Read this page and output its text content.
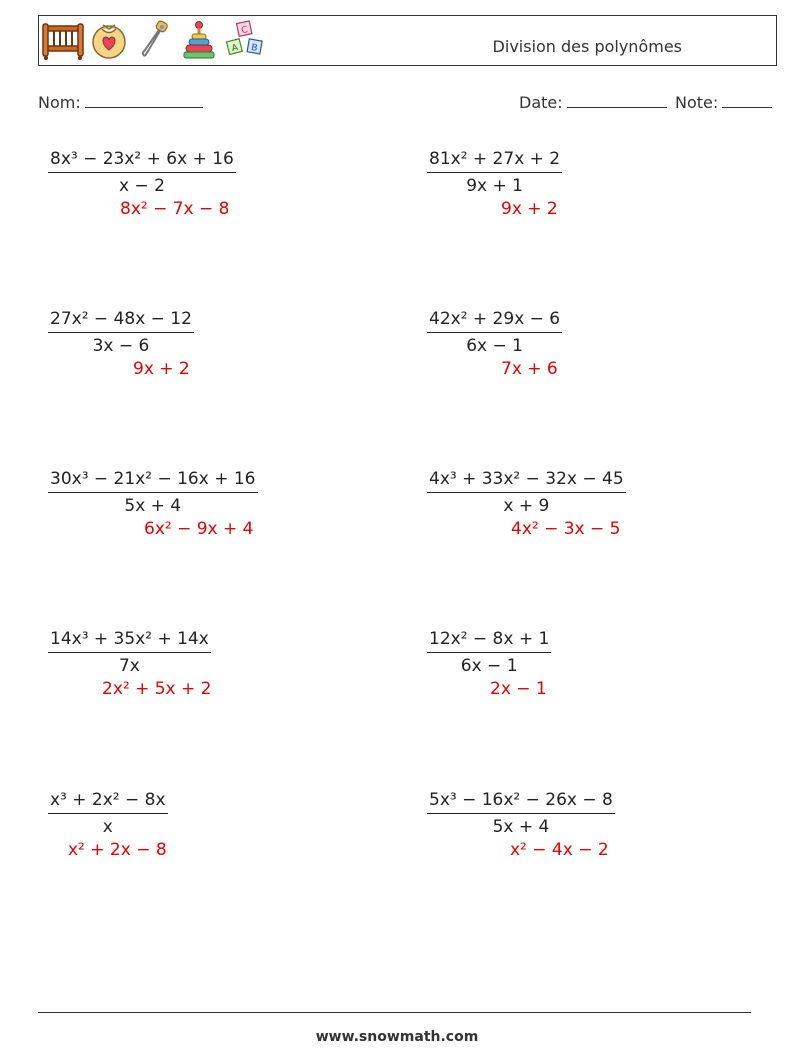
C
A B	Division des polynômes
Nom:	Date:	Note:
8x³ − 23x² + 6x + 16
x − 2
8x² − 7x − 8
81x² + 27x + 2
9x + 1
9x + 2
27x² − 48x − 12
3x − 6
9x + 2
42x² + 29x − 6
6x − 1
7x + 6
30x³ − 21x² − 16x + 16
5x + 4
6x² − 9x + 4
4x³ + 33x² − 32x − 45
x + 9
4x² − 3x − 5
14x³ + 35x² + 14x
7x
2x² + 5x + 2
12x² − 8x + 1
6x − 1
2x − 1
x³ + 2x² − 8x
x
x² + 2x − 8
5x³ − 16x² − 26x − 8
5x + 4
x² − 4x − 2
www.snowmath.com
